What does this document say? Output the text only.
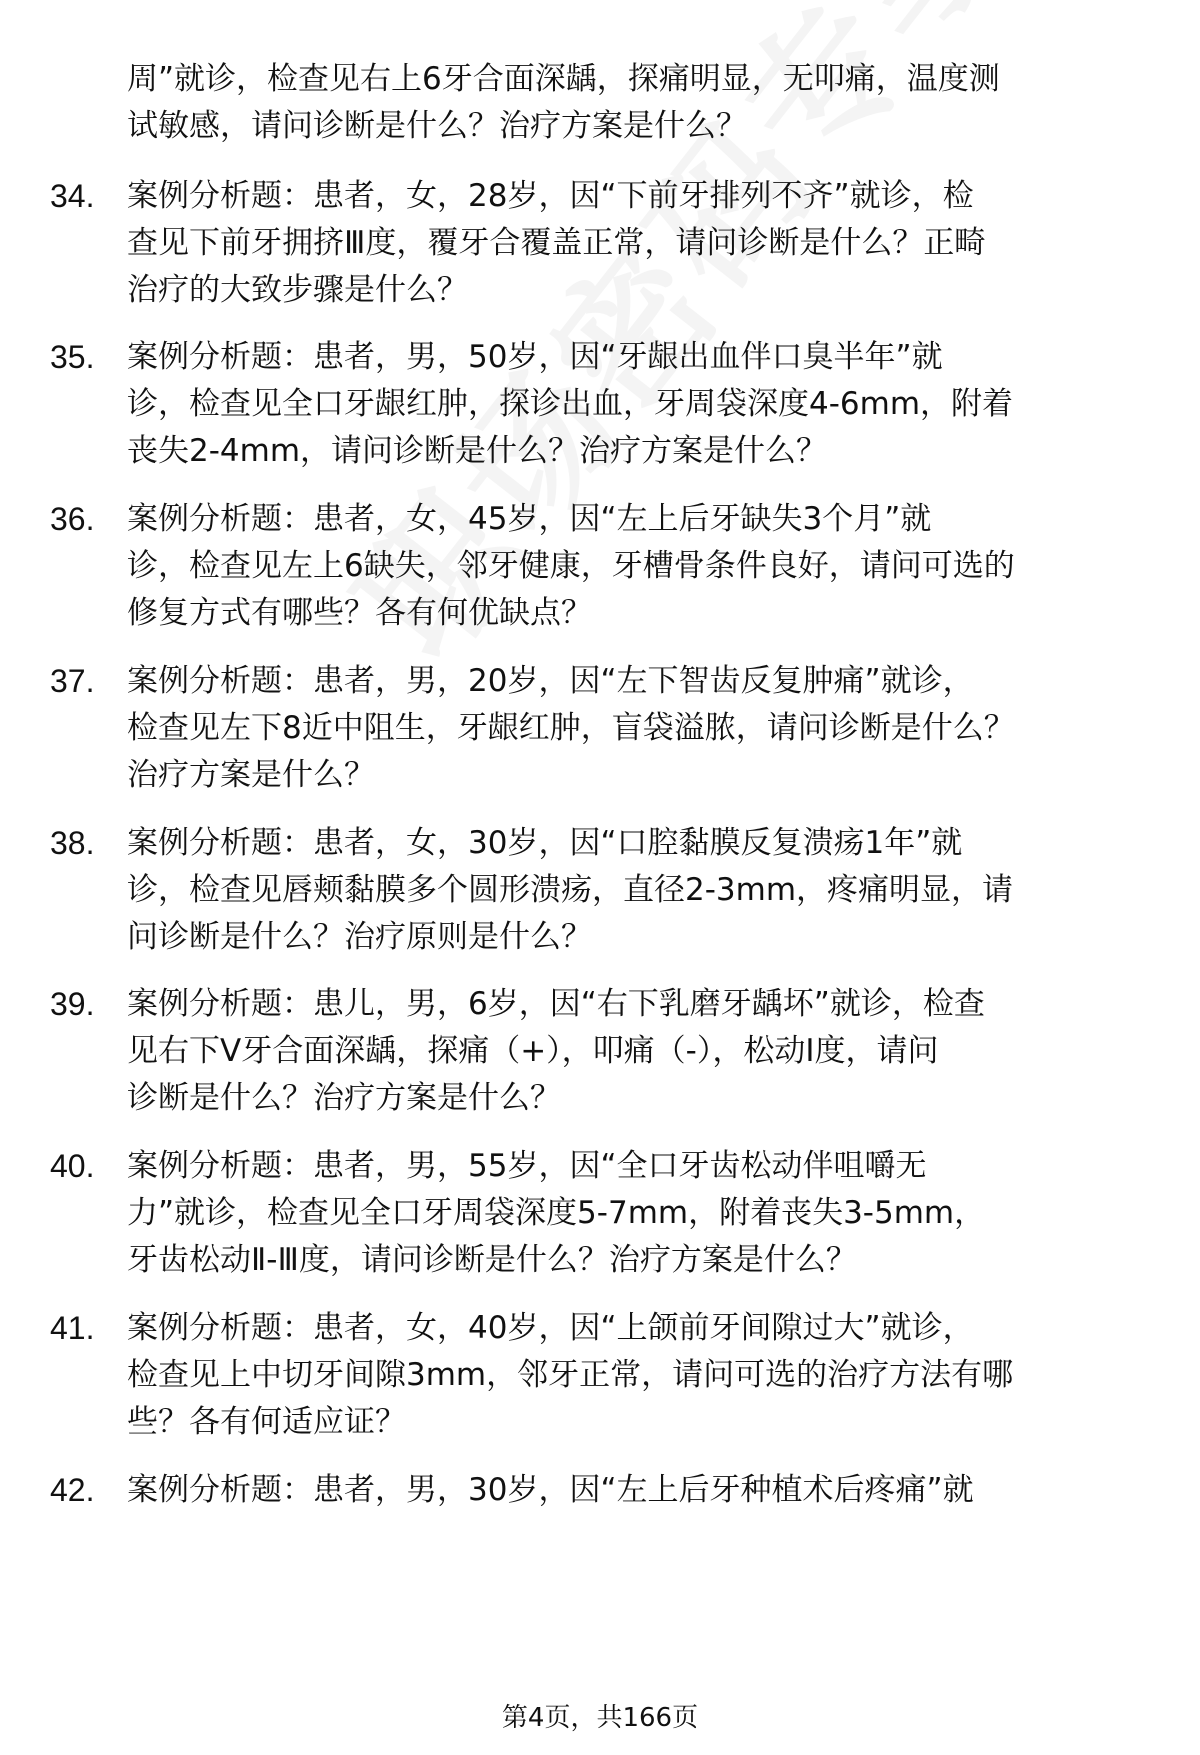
周”就诊，检查见右上6牙合面深龋，探痛明显，无叩痛，温度测
试敏感，请问诊断是什么？治疗方案是什么？
34. 案例分析题：患者，女，28岁，因“下前牙排列不齐”就诊，检
查见下前牙拥挤Ⅲ度，覆牙合覆盖正常，请问诊断是什么？正畸
治疗的大致步骤是什么？
35. 案例分析题：患者，男，50岁，因“牙龈出血伴口臭半年”就
诊，检查见全口牙龈红肿，探诊出血，牙周袋深度4-6mm，附着
丧失2-4mm，请问诊断是什么？治疗方案是什么？
36. 案例分析题：患者，女，45岁，因“左上后牙缺失3个月”就
诊，检查见左上6缺失，邻牙健康，牙槽骨条件良好，请问可选的
修复方式有哪些？各有何优缺点？
37. 案例分析题：患者，男，20岁，因“左下智齿反复肿痛”就诊，
检查见左下8近中阻生，牙龈红肿，盲袋溢脓，请问诊断是什么？
治疗方案是什么？
38. 案例分析题：患者，女，30岁，因“口腔黏膜反复溃疡1年”就
诊，检查见唇颊黏膜多个圆形溃疡，直径2-3mm，疼痛明显，请
问诊断是什么？治疗原则是什么？
39. 案例分析题：患儿，男，6岁，因“右下乳磨牙龋坏”就诊，检查
见右下Ⅴ牙合面深龋，探痛（+），叩痛（-），松动Ⅰ度，请问
诊断是什么？治疗方案是什么？
40. 案例分析题：患者，男，55岁，因“全口牙齿松动伴咀嚼无
力”就诊，检查见全口牙周袋深度5-7mm，附着丧失3-5mm，
牙齿松动Ⅱ-Ⅲ度，请问诊断是什么？治疗方案是什么？
41. 案例分析题：患者，女，40岁，因“上颌前牙间隙过大”就诊，
检查见上中切牙间隙3mm，邻牙正常，请问可选的治疗方法有哪
些？各有何适应证？
42. 案例分析题：患者，男，30岁，因“左上后牙种植术后疼痛”就
第4页，共166页
